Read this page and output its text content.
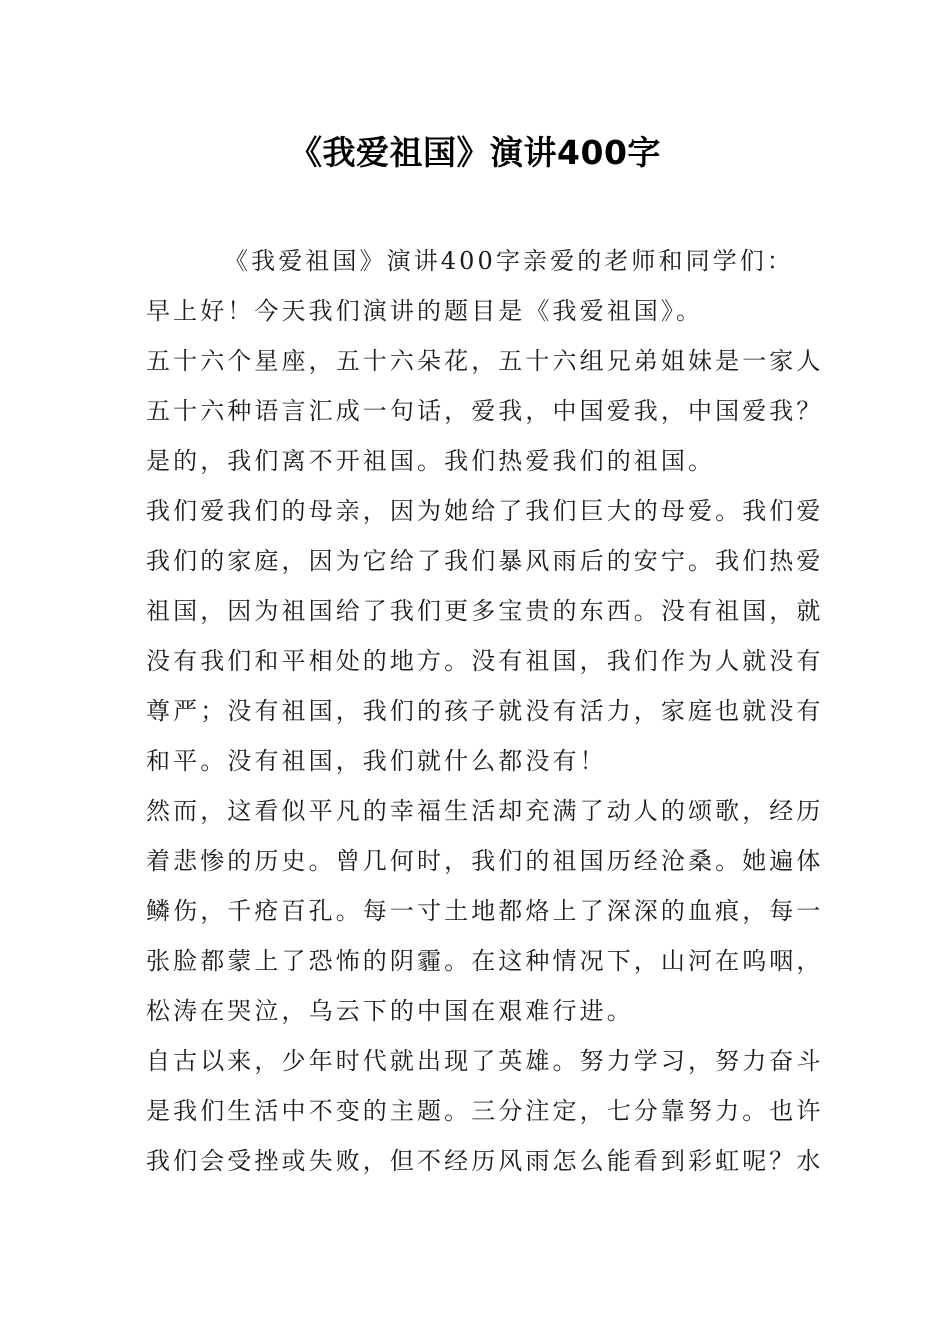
《我爱祖国》演讲400字
《我爱祖国》演讲400字亲爱的老师和同学们：
早上好！今天我们演讲的题目是《我爱祖国》。
五十六个星座，五十六朵花，五十六组兄弟姐妹是一家人
五十六种语言汇成一句话，爱我，中国爱我，中国爱我？
是的，我们离不开祖国。我们热爱我们的祖国。
我们爱我们的母亲，因为她给了我们巨大的母爱。我们爱
我们的家庭，因为它给了我们暴风雨后的安宁。我们热爱
祖国，因为祖国给了我们更多宝贵的东西。没有祖国，就
没有我们和平相处的地方。没有祖国，我们作为人就没有
尊严；没有祖国，我们的孩子就没有活力，家庭也就没有
和平。没有祖国，我们就什么都没有！
然而，这看似平凡的幸福生活却充满了动人的颂歌，经历
着悲惨的历史。曾几何时，我们的祖国历经沧桑。她遍体
鳞伤，千疮百孔。每一寸土地都烙上了深深的血痕，每一
张脸都蒙上了恐怖的阴霾。在这种情况下，山河在呜咽，
松涛在哭泣，乌云下的中国在艰难行进。
自古以来，少年时代就出现了英雄。努力学习，努力奋斗
是我们生活中不变的主题。三分注定，七分靠努力。也许
我们会受挫或失败，但不经历风雨怎么能看到彩虹呢？水
